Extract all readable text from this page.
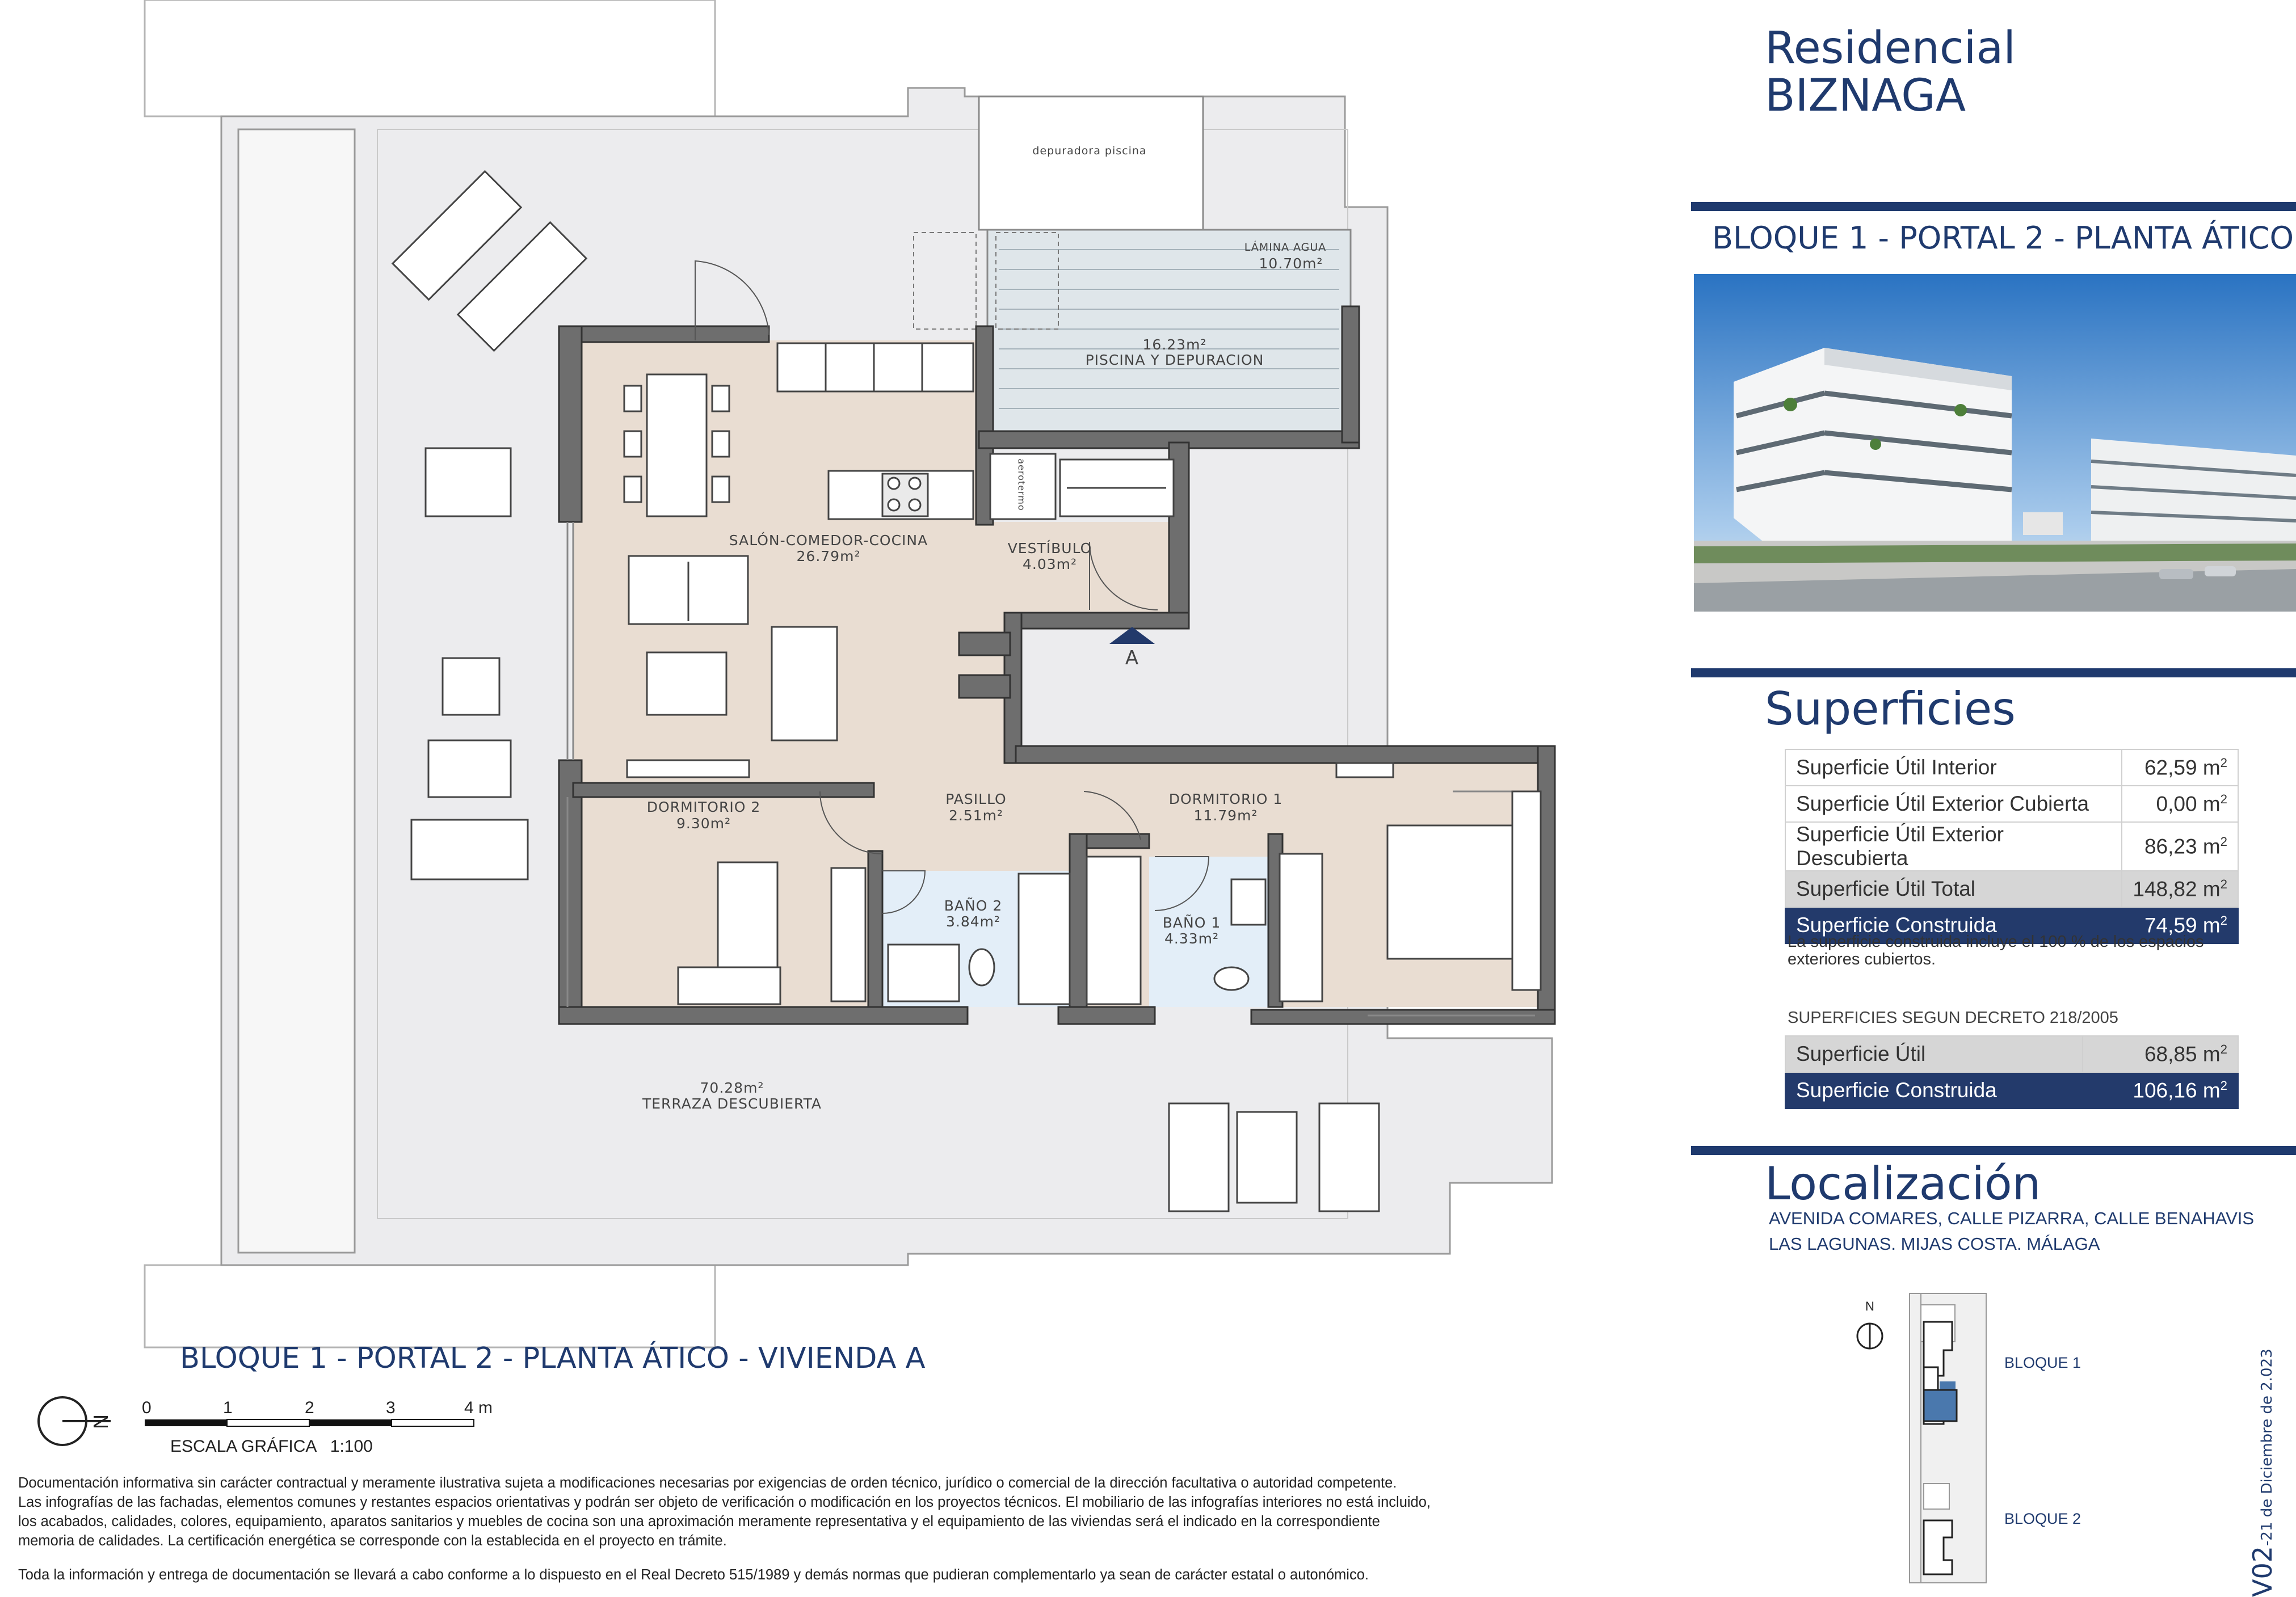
depuradora piscina
LÁMINA AGUA
10.70m²
16.23m²
PISCINA Y DEPURACION
aerotermo
SALÓN-COMEDOR-COCINA
26.79m²	VESTÍBULO
4.03m²
A
DORMITORIO 2
9.30m²
PASILLO
2.51m²
DORMITORIO 1
11.79m²
BAÑO 2
3.84m²	BAÑO 1
4.33m²
70.28m²
TERRAZA DESCUBIERTA
BLOQUE 1 - PORTAL 2 - PLANTA ÁTICO - VIVIENDA A
N
0	1	2	3	4 m
ESCALA GRÁFICA   1:100
Documentación informativa sin carácter contractual y meramente ilustrativa sujeta a modificaciones necesarias por exigencias de orden técnico, jurídico o comercial de la dirección facultativa o autoridad competente.
Las infografías de las fachadas, elementos comunes y restantes espacios orientativas y podrán ser objeto de verificación o modificación en los proyectos técnicos. El mobiliario de las infografías interiores no está incluido,
los acabados, calidades, colores, equipamiento, aparatos sanitarios y muebles de cocina son una aproximación meramente representativa y el equipamiento de las viviendas será el indicado en la correspondiente
memoria de calidades. La certificación energética se corresponde con la establecida en el proyecto en trámite.
Toda la información y entrega de documentación se llevará a cabo conforme a lo dispuesto en el Real Decreto 515/1989 y demás normas que pudieran complementarlo ya sean de carácter estatal o autonómico.
Residencial
BIZNAGA
BLOQUE 1 - PORTAL 2 - PLANTA ÁTICO
Superficies
Superficie Útil Interior	62,59 $m^2$
Superficie Útil Exterior Cubierta	0,00 $m^2$
Superficie Útil Exterior Descubierta	86,23 $m^2$
Superficie Útil Total	148,82 $m^2$
Superficie Construida	74,59 $m^2$
La superficie construida incluye el 100 % de los espacios exteriores cubiertos.
SUPERFICIES SEGUN DECRETO 218/2005
Superficie Útil	68,85 $m^2$
Superficie Construida	106,16 $m^2$
Localización
AVENIDA COMARES, CALLE PIZARRA, CALLE BENAHAVIS
LAS LAGUNAS. MIJAS COSTA. MÁLAGA
N
BLOQUE 1
BLOQUE 2
V02-21 de Diciembre de 2.023
